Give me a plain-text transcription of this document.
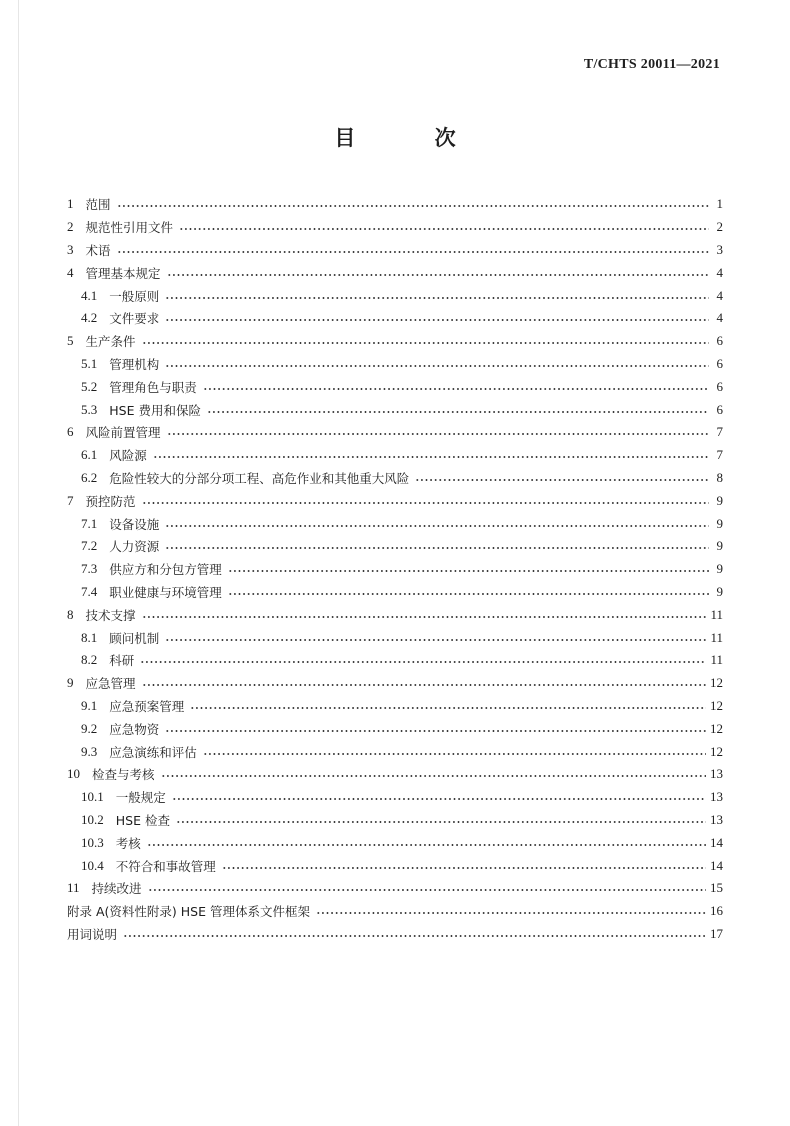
T/CHTS 20011—2021
目 次
1 范围	1
2 规范性引用文件	2
3 术语	3
4 管理基本规定	4
4.1 一般原则	4
4.2 文件要求	4
5 生产条件	6
5.1 管理机构	6
5.2 管理角色与职责	6
5.3 HSE 费用和保险	6
6 风险前置管理	7
6.1 风险源	7
6.2 危险性较大的分部分项工程、高危作业和其他重大风险	8
7 预控防范	9
7.1 设备设施	9
7.2 人力资源	9
7.3 供应方和分包方管理	9
7.4 职业健康与环境管理	9
8 技术支撑	11
8.1 顾问机制	11
8.2 科研	11
9 应急管理	12
9.1 应急预案管理	12
9.2 应急物资	12
9.3 应急演练和评估	12
10 检查与考核	13
10.1 一般规定	13
10.2 HSE 检查	13
10.3 考核	14
10.4 不符合和事故管理	14
11 持续改进	15
附录 A(资料性附录) HSE 管理体系文件框架	16
用词说明	17
